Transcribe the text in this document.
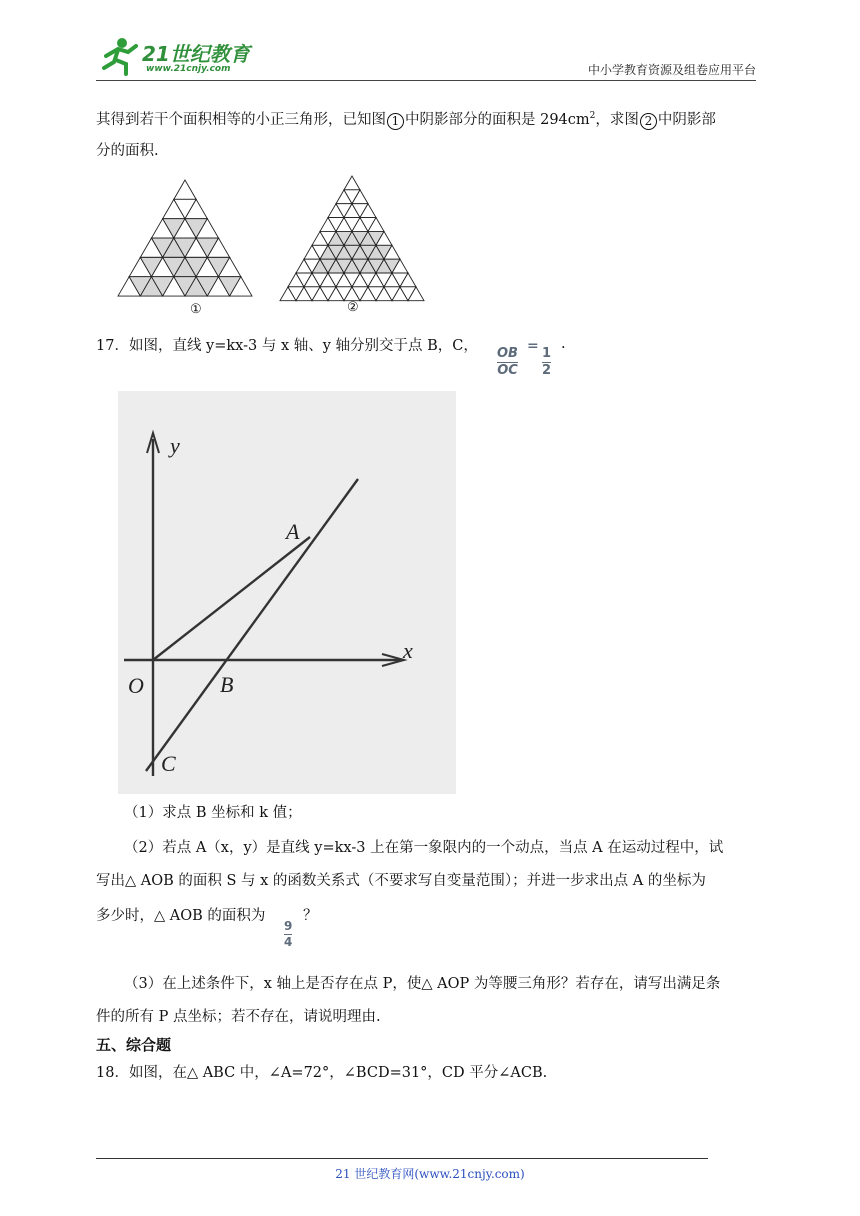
21世纪教育
www.21cnjy.com	中小学教育资源及组卷应用平台
其得到若干个面积相等的小正三角形，已知图 1 中阴影部分的面积是 $294cm^2$，求图 2 中阴影部
分的面积.
①	②
17．如图，直线 y=kx-3 与 x 轴、y 轴分别交于点 B，C，
$\frac{OB}{OC}$
=
$\frac{1}{2}$
.
y
x
O
A
B
C
（1）求点 B 坐标和 k 值；
（2）若点 A（x，y）是直线 y=kx-3 上在第一象限内的一个动点，当点 A 在运动过程中，试
写出△ AOB 的面积 S 与 x 的函数关系式（不要求写自变量范围）；并进一步求出点 A 的坐标为
多少时，△ AOB 的面积为
$\frac{9}{4}$
？
（3）在上述条件下，x 轴上是否存在点 P，使△ AOP 为等腰三角形？若存在，请写出满足条
件的所有 P 点坐标；若不存在，请说明理由.
五、综合题
18．如图，在△ ABC 中，∠A=72°，∠BCD=31°，CD 平分∠ACB.
21 世纪教育网(www.21cnjy.com)
